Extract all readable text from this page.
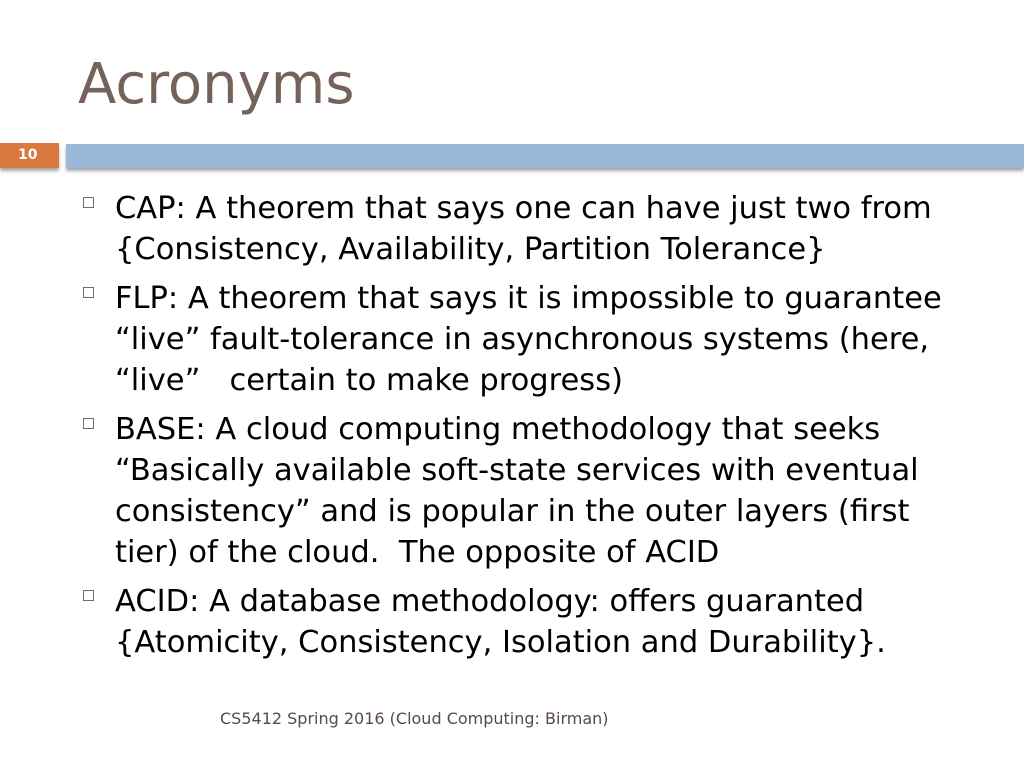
Acronyms
10
CAP: A theorem that says one can have just two from
{Consistency, Availability, Partition Tolerance}
FLP: A theorem that says it is impossible to guarantee
“live” fault-tolerance in asynchronous systems (here,
“live”   certain to make progress)
BASE: A cloud computing methodology that seeks
“Basically available soft-state services with eventual
consistency” and is popular in the outer layers (first
tier) of the cloud.  The opposite of ACID
ACID: A database methodology: offers guaranted
{Atomicity, Consistency, Isolation and Durability}.
CS5412 Spring 2016 (Cloud Computing: Birman)
